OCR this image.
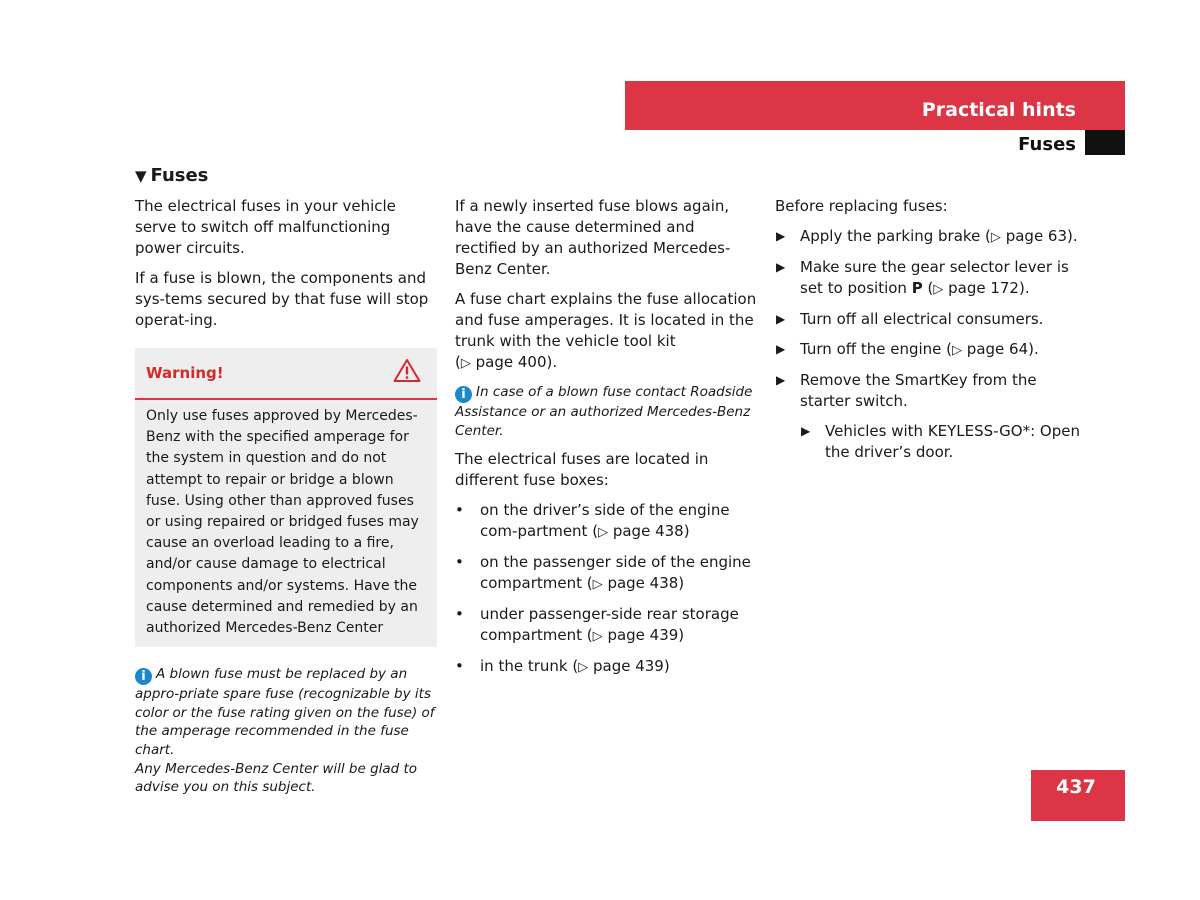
Practical hints
Fuses
▼ Fuses

The electrical fuses in your vehicle serve to switch off malfunctioning power circuits.

If a fuse is blown, the components and sys-tems secured by that fuse will stop operat-ing.

Warning!
Only use fuses approved by Mercedes-Benz with the specified amperage for the system in question and do not attempt to repair or bridge a blown fuse. Using other than approved fuses or using repaired or bridged fuses may cause an overload leading to a fire, and/or cause damage to electrical components and/or systems. Have the cause determined and remedied by an authorized Mercedes-Benz Center

i A blown fuse must be replaced by an appro-priate spare fuse (recognizable by its color or the fuse rating given on the fuse) of the amperage recommended in the fuse chart.
Any Mercedes-Benz Center will be glad to advise you on this subject.

If a newly inserted fuse blows again, have the cause determined and rectified by an authorized Mercedes-Benz Center.

A fuse chart explains the fuse allocation and fuse amperages. It is located in the trunk with the vehicle tool kit
(▷ page 400).

i In case of a blown fuse contact Roadside Assistance or an authorized Mercedes-Benz Center.

The electrical fuses are located in different fuse boxes:

• on the driver’s side of the engine com-partment (▷ page 438)
• on the passenger side of the engine compartment (▷ page 438)
• under passenger-side rear storage compartment (▷ page 439)
• in the trunk (▷ page 439)

Before replacing fuses:

▶ Apply the parking brake (▷ page 63).
▶ Make sure the gear selector lever is set to position P (▷ page 172).
▶ Turn off all electrical consumers.
▶ Turn off the engine (▷ page 64).
▶ Remove the SmartKey from the starter switch.
▶ Vehicles with KEYLESS-GO*: Open the driver’s door.
437
